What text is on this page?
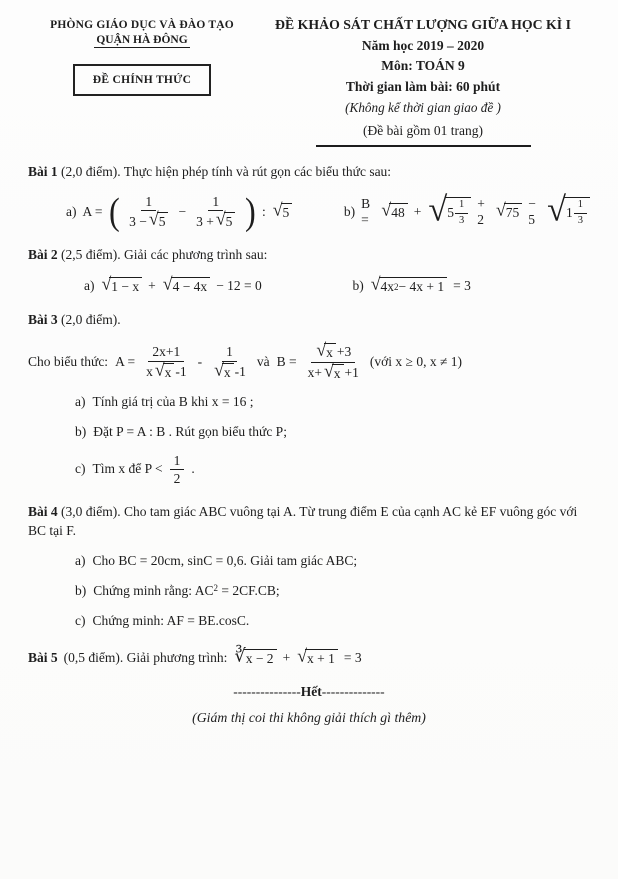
PHÒNG GIÁO DỤC VÀ ĐÀO TẠO
QUẬN HÀ ĐÔNG
ĐỀ CHÍNH THỨC
ĐỀ KHẢO SÁT CHẤT LƯỢNG GIỮA HỌC KÌ I
Năm học 2019 – 2020
Môn: TOÁN 9
Thời gian làm bài: 60 phút
(Không kể thời gian giao đề )
(Đề bài gồm 01 trang)

Bài 1 (2,0 điểm). Thực hiện phép tính và rút gọn các biểu thức sau:

a) A = ( $\frac{1}{3 - √ 5} - \frac{1}{3 + √ 5}$ ) : √ 5	b)
B =
√ 48 + √ $5 \frac{1}{3} + 2$
√ 75
− 5 √ $1 \frac{1}{3}$

Bài 2 (2,5 điểm). Giải các phương trình sau:

a) √ 1 − x + √ 4 − 4x − 12 = 0	b) √ 4x 2 − 4x + 1 = 3

Bài 3 (2,0 điểm).

Cho biểu thức: $A = \frac{2x+1}{x √ x -1} - \frac{1}{√ x -1}$ và $B = \frac{√ x +3}{x+ √ x +1}$ (với x ≥ 0, x ≠ 1)
a) Tính giá trị của B khi x = 16 ;
b) Đặt P = A : B . Rút gọn biểu thức P;
c) Tìm x để $P < \frac{1}{2}$ .

Bài 4 (3,0 điểm). Cho tam giác ABC vuông tại A. Từ trung điểm E của cạnh AC kẻ EF vuông góc với BC tại F.

a) Cho BC = 20cm, sinC = 0,6. Giải tam giác ABC;
b) Chứng minh rằng: $AC^2 = 2CF.CB$;
c) Chứng minh: AF = BE.cosC.
Bài 5 (0,5 điểm). Giải phương trình: ∛ x − 2 + √ x + 1 = 3
---------------Hết--------------
(Giám thị coi thi không giải thích gì thêm)
